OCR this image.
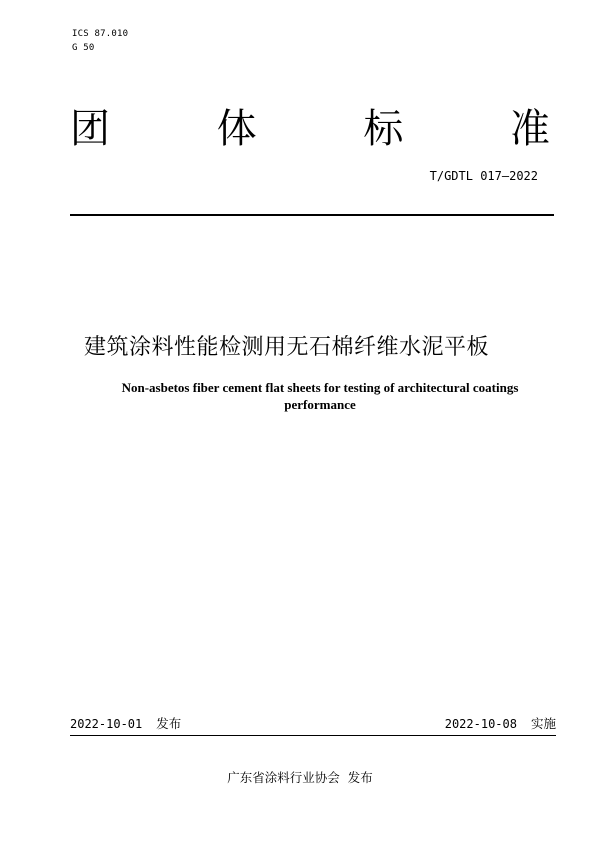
ICS 87.010
G 50
团	体	标	准
T/GDTL 017—2022
建筑涂料性能检测用无石棉纤维水泥平板
Non-asbetos fiber cement flat sheets for testing of architectural coatings
performance
2022-10-01 发布	2022-10-08 实施
广东省涂料行业协会 发布
